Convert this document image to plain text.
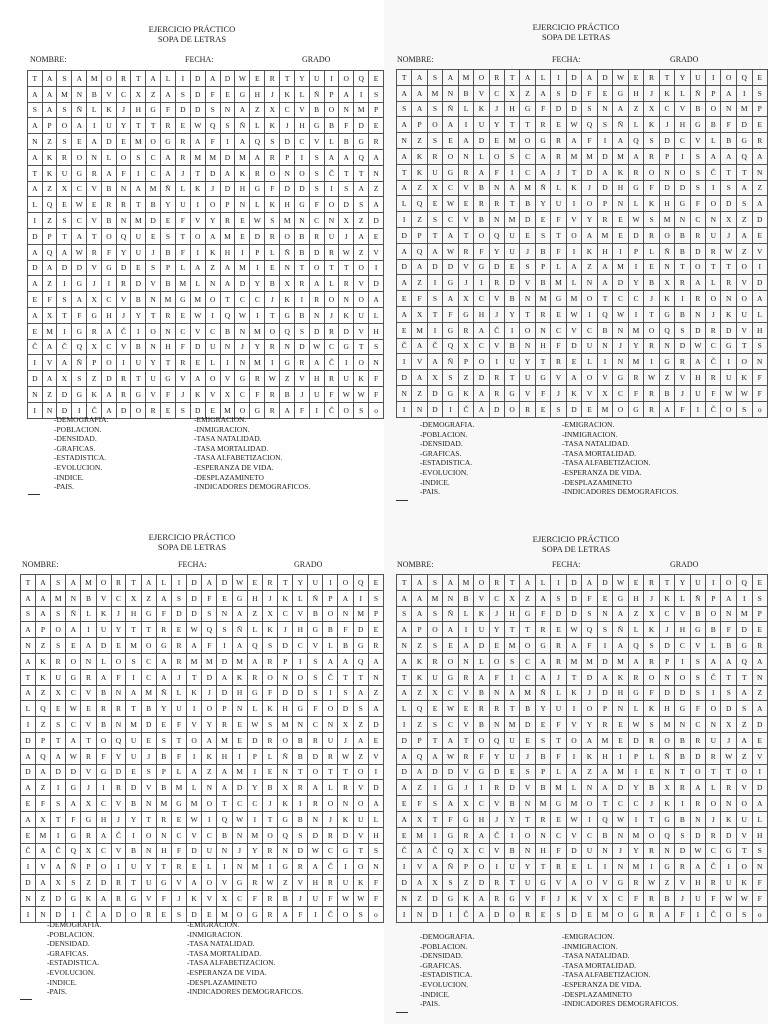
EJERCICIO PRÁCTICO
SOPA DE LETRAS
NOMBRE:	FECHA:	GRADO
T	A	S	A	M	O	R	T	A	L	I	D	A	D	W	E	R	T	Y	U	I	O	Q	E
A	A	M	N	B	V	C	X	Z	A	S	D	F	E	G	H	J	K	L	Ñ	P	A	I	S
S	A	S	Ñ	L	K	J	H	G	F	D	D	S	N	A	Z	X	C	V	B	O	N	M	P
A	P	O	A	I	U	Y	T	T	R	E	W	Q	S	Ñ	L	K	J	H	G	B	F	D	E
N	Z	S	E	A	D	E	M	O	G	R	A	F	I	A	Q	S	D	C	V	L	B	G	R
A	K	R	O	N	L	O	S	C	A	R	M	M	D	M	A	R	P	I	S	A	A	Q	A
T	K	U	G	R	A	F	I	C	A	J	T	D	A	K	R	O	N	O	S	Č	T	T	N
A	Z	X	C	V	B	N	A	M	Ñ	L	K	J	D	H	G	F	D	D	S	I	S	A	Z
L	Q	E	W	E	R	R	T	B	Y	U	I	O	P	N	L	K	H	G	F	O	D	S	A
I	Z	S	C	V	B	N	M	D	E	F	V	Y	R	E	W	S	M	N	C	N	X	Z	D
D	P	T	A	T	O	Q	U	E	S	T	O	A	M	E	D	R	O	B	R	U	J	A	E
A	Q	A	W	R	F	Y	U	J	B	F	I	K	H	I	P	L	Ñ	B	D	R	W	Z	V
D	A	D	D	V	G	D	E	S	P	L	A	Z	A	M	I	E	N	T	O	T	T	O	I
A	Z	I	G	J	I	R	D	V	B	M	L	N	A	D	Y	B	X	R	A	L	R	V	D
E	F	S	A	X	C	V	B	N	M	G	M	O	T	C	C	J	K	I	R	O	N	O	A
A	X	T	F	G	H	J	Y	T	R	E	W	I	Q	W	I	T	G	B	N	J	K	U	L
E	M	I	G	R	A	Č	I	O	N	C	V	C	B	N	M	O	Q	S	D	R	D	V	H
Č	A	Č	Q	X	C	V	B	N	H	F	D	U	N	J	Y	R	N	D	W	C	G	T	S
I	V	A	Ñ	P	O	I	U	Y	T	R	E	L	I	N	M	I	G	R	A	Č	I	O	N
D	A	X	S	Z	D	R	T	U	G	V	A	O	V	G	R	W	Z	V	H	R	U	K	F
N	Z	D	G	K	A	R	G	V	F	J	K	V	X	C	F	R	B	J	U	F	W	W	F
I	N	D	I	Č	A	D	O	R	E	S	D	E	M	O	G	R	A	F	I	Č	O	S	o
-DEMOGRAFIA.
-POBLACION.
-DENSIDAD.
-GRAFICAS.
-ESTADISTICA.
-EVOLUCION.
-INDICE.
-PAIS.
-EMIGRACION.
-INMIGRACION.
-TASA NATALIDAD.
-TASA MORTALIDAD.
-TASA ALFABETIZACION.
-ESPERANZA DE VIDA.
-DESPLAZAMINETO
-INDICADORES DEMOGRAFICOS.
EJERCICIO PRÁCTICO
SOPA DE LETRAS
NOMBRE:	FECHA:	GRADO
T	A	S	A	M	O	R	T	A	L	I	D	A	D	W	E	R	T	Y	U	I	O	Q	E
A	A	M	N	B	V	C	X	Z	A	S	D	F	E	G	H	J	K	L	Ñ	P	A	I	S
S	A	S	Ñ	L	K	J	H	G	F	D	D	S	N	A	Z	X	C	V	B	O	N	M	P
A	P	O	A	I	U	Y	T	T	R	E	W	Q	S	Ñ	L	K	J	H	G	B	F	D	E
N	Z	S	E	A	D	E	M	O	G	R	A	F	I	A	Q	S	D	C	V	L	B	G	R
A	K	R	O	N	L	O	S	C	A	R	M	M	D	M	A	R	P	I	S	A	A	Q	A
T	K	U	G	R	A	F	I	C	A	J	T	D	A	K	R	O	N	O	S	Č	T	T	N
A	Z	X	C	V	B	N	A	M	Ñ	L	K	J	D	H	G	F	D	D	S	I	S	A	Z
L	Q	E	W	E	R	R	T	B	Y	U	I	O	P	N	L	K	H	G	F	O	D	S	A
I	Z	S	C	V	B	N	M	D	E	F	V	Y	R	E	W	S	M	N	C	N	X	Z	D
D	P	T	A	T	O	Q	U	E	S	T	O	A	M	E	D	R	O	B	R	U	J	A	E
A	Q	A	W	R	F	Y	U	J	B	F	I	K	H	I	P	L	Ñ	B	D	R	W	Z	V
D	A	D	D	V	G	D	E	S	P	L	A	Z	A	M	I	E	N	T	O	T	T	O	I
A	Z	I	G	J	I	R	D	V	B	M	L	N	A	D	Y	B	X	R	A	L	R	V	D
E	F	S	A	X	C	V	B	N	M	G	M	O	T	C	C	J	K	I	R	O	N	O	A
A	X	T	F	G	H	J	Y	T	R	E	W	I	Q	W	I	T	G	B	N	J	K	U	L
E	M	I	G	R	A	Č	I	O	N	C	V	C	B	N	M	O	Q	S	D	R	D	V	H
Č	A	Č	Q	X	C	V	B	N	H	F	D	U	N	J	Y	R	N	D	W	C	G	T	S
I	V	A	Ñ	P	O	I	U	Y	T	R	E	L	I	N	M	I	G	R	A	Č	I	O	N
D	A	X	S	Z	D	R	T	U	G	V	A	O	V	G	R	W	Z	V	H	R	U	K	F
N	Z	D	G	K	A	R	G	V	F	J	K	V	X	C	F	R	B	J	U	F	W	W	F
I	N	D	I	Č	A	D	O	R	E	S	D	E	M	O	G	R	A	F	I	Č	O	S	o
-DEMOGRAFIA.
-POBLACION.
-DENSIDAD.
-GRAFICAS.
-ESTADISTICA.
-EVOLUCION.
-INDICE.
-PAIS.
-EMIGRACION.
-INMIGRACION.
-TASA NATALIDAD.
-TASA MORTALIDAD.
-TASA ALFABETIZACION.
-ESPERANZA DE VIDA.
-DESPLAZAMINETO
-INDICADORES DEMOGRAFICOS.
EJERCICIO PRÁCTICO
SOPA DE LETRAS
NOMBRE:	FECHA:	GRADO
T	A	S	A	M	O	R	T	A	L	I	D	A	D	W	E	R	T	Y	U	I	O	Q	E
A	A	M	N	B	V	C	X	Z	A	S	D	F	E	G	H	J	K	L	Ñ	P	A	I	S
S	A	S	Ñ	L	K	J	H	G	F	D	D	S	N	A	Z	X	C	V	B	O	N	M	P
A	P	O	A	I	U	Y	T	T	R	E	W	Q	S	Ñ	L	K	J	H	G	B	F	D	E
N	Z	S	E	A	D	E	M	O	G	R	A	F	I	A	Q	S	D	C	V	L	B	G	R
A	K	R	O	N	L	O	S	C	A	R	M	M	D	M	A	R	P	I	S	A	A	Q	A
T	K	U	G	R	A	F	I	C	A	J	T	D	A	K	R	O	N	O	S	Č	T	T	N
A	Z	X	C	V	B	N	A	M	Ñ	L	K	J	D	H	G	F	D	D	S	I	S	A	Z
L	Q	E	W	E	R	R	T	B	Y	U	I	O	P	N	L	K	H	G	F	O	D	S	A
I	Z	S	C	V	B	N	M	D	E	F	V	Y	R	E	W	S	M	N	C	N	X	Z	D
D	P	T	A	T	O	Q	U	E	S	T	O	A	M	E	D	R	O	B	R	U	J	A	E
A	Q	A	W	R	F	Y	U	J	B	F	I	K	H	I	P	L	Ñ	B	D	R	W	Z	V
D	A	D	D	V	G	D	E	S	P	L	A	Z	A	M	I	E	N	T	O	T	T	O	I
A	Z	I	G	J	I	R	D	V	B	M	L	N	A	D	Y	B	X	R	A	L	R	V	D
E	F	S	A	X	C	V	B	N	M	G	M	O	T	C	C	J	K	I	R	O	N	O	A
A	X	T	F	G	H	J	Y	T	R	E	W	I	Q	W	I	T	G	B	N	J	K	U	L
E	M	I	G	R	A	Č	I	O	N	C	V	C	B	N	M	O	Q	S	D	R	D	V	H
Č	A	Č	Q	X	C	V	B	N	H	F	D	U	N	J	Y	R	N	D	W	C	G	T	S
I	V	A	Ñ	P	O	I	U	Y	T	R	E	L	I	N	M	I	G	R	A	Č	I	O	N
D	A	X	S	Z	D	R	T	U	G	V	A	O	V	G	R	W	Z	V	H	R	U	K	F
N	Z	D	G	K	A	R	G	V	F	J	K	V	X	C	F	R	B	J	U	F	W	W	F
I	N	D	I	Č	A	D	O	R	E	S	D	E	M	O	G	R	A	F	I	Č	O	S	o
-DEMOGRAFIA.
-POBLACION.
-DENSIDAD.
-GRAFICAS.
-ESTADISTICA.
-EVOLUCION.
-INDICE.
-PAIS.
-EMIGRACION.
-INMIGRACION.
-TASA NATALIDAD.
-TASA MORTALIDAD.
-TASA ALFABETIZACION.
-ESPERANZA DE VIDA.
-DESPLAZAMINETO
-INDICADORES DEMOGRAFICOS.
EJERCICIO PRÁCTICO
SOPA DE LETRAS
NOMBRE:	FECHA:	GRADO
T	A	S	A	M	O	R	T	A	L	I	D	A	D	W	E	R	T	Y	U	I	O	Q	E
A	A	M	N	B	V	C	X	Z	A	S	D	F	E	G	H	J	K	L	Ñ	P	A	I	S
S	A	S	Ñ	L	K	J	H	G	F	D	D	S	N	A	Z	X	C	V	B	O	N	M	P
A	P	O	A	I	U	Y	T	T	R	E	W	Q	S	Ñ	L	K	J	H	G	B	F	D	E
N	Z	S	E	A	D	E	M	O	G	R	A	F	I	A	Q	S	D	C	V	L	B	G	R
A	K	R	O	N	L	O	S	C	A	R	M	M	D	M	A	R	P	I	S	A	A	Q	A
T	K	U	G	R	A	F	I	C	A	J	T	D	A	K	R	O	N	O	S	Č	T	T	N
A	Z	X	C	V	B	N	A	M	Ñ	L	K	J	D	H	G	F	D	D	S	I	S	A	Z
L	Q	E	W	E	R	R	T	B	Y	U	I	O	P	N	L	K	H	G	F	O	D	S	A
I	Z	S	C	V	B	N	M	D	E	F	V	Y	R	E	W	S	M	N	C	N	X	Z	D
D	P	T	A	T	O	Q	U	E	S	T	O	A	M	E	D	R	O	B	R	U	J	A	E
A	Q	A	W	R	F	Y	U	J	B	F	I	K	H	I	P	L	Ñ	B	D	R	W	Z	V
D	A	D	D	V	G	D	E	S	P	L	A	Z	A	M	I	E	N	T	O	T	T	O	I
A	Z	I	G	J	I	R	D	V	B	M	L	N	A	D	Y	B	X	R	A	L	R	V	D
E	F	S	A	X	C	V	B	N	M	G	M	O	T	C	C	J	K	I	R	O	N	O	A
A	X	T	F	G	H	J	Y	T	R	E	W	I	Q	W	I	T	G	B	N	J	K	U	L
E	M	I	G	R	A	Č	I	O	N	C	V	C	B	N	M	O	Q	S	D	R	D	V	H
Č	A	Č	Q	X	C	V	B	N	H	F	D	U	N	J	Y	R	N	D	W	C	G	T	S
I	V	A	Ñ	P	O	I	U	Y	T	R	E	L	I	N	M	I	G	R	A	Č	I	O	N
D	A	X	S	Z	D	R	T	U	G	V	A	O	V	G	R	W	Z	V	H	R	U	K	F
N	Z	D	G	K	A	R	G	V	F	J	K	V	X	C	F	R	B	J	U	F	W	W	F
I	N	D	I	Č	A	D	O	R	E	S	D	E	M	O	G	R	A	F	I	Č	O	S	o
-DEMOGRAFIA.
-POBLACION.
-DENSIDAD.
-GRAFICAS.
-ESTADISTICA.
-EVOLUCION.
-INDICE.
-PAIS.
-EMIGRACION.
-INMIGRACION.
-TASA NATALIDAD.
-TASA MORTALIDAD.
-TASA ALFABETIZACION.
-ESPERANZA DE VIDA.
-DESPLAZAMINETO
-INDICADORES DEMOGRAFICOS.
